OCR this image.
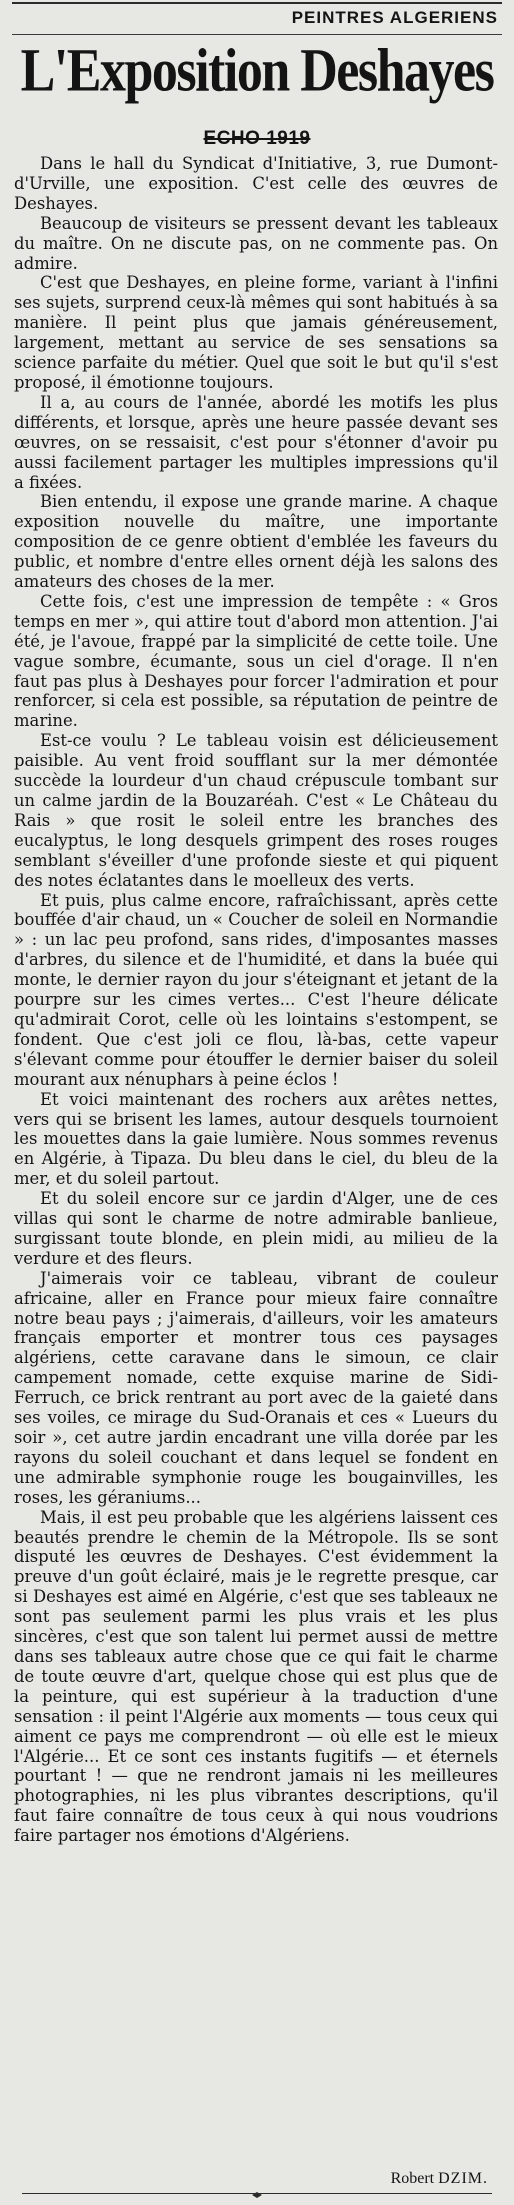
PEINTRES ALGERIENS
L'Exposition Deshayes
ECHO 1919

Dans le hall du Syndicat d'Initiative, 3, rue Dumont-d'Urville, une exposition. C'est celle des œuvres de Deshayes.

Beaucoup de visiteurs se pressent devant les tableaux du maître. On ne discute pas, on ne commente pas. On admire.

C'est que Deshayes, en pleine forme, variant à l'infini ses sujets, surprend ceux-là mêmes qui sont habitués à sa manière. Il peint plus que jamais généreusement, largement, mettant au service de ses sensations sa science parfaite du métier. Quel que soit le but qu'il s'est proposé, il émotionne toujours.

Il a, au cours de l'année, abordé les motifs les plus différents, et lorsque, après une heure passée devant ses œuvres, on se ressaisit, c'est pour s'étonner d'avoir pu aussi facilement partager les multiples impressions qu'il a fixées.

Bien entendu, il expose une grande marine. A chaque exposition nouvelle du maître, une importante composition de ce genre obtient d'emblée les faveurs du public, et nombre d'entre elles ornent déjà les salons des amateurs des choses de la mer.

Cette fois, c'est une impression de tempête : « Gros temps en mer », qui attire tout d'abord mon attention. J'ai été, je l'avoue, frappé par la simplicité de cette toile. Une vague sombre, écumante, sous un ciel d'orage. Il n'en faut pas plus à Deshayes pour forcer l'admiration et pour renforcer, si cela est possible, sa réputation de peintre de marine.

Est-ce voulu ? Le tableau voisin est délicieusement paisible. Au vent froid soufflant sur la mer démontée succède la lourdeur d'un chaud crépuscule tombant sur un calme jardin de la Bouzaréah. C'est « Le Château du Rais » que rosit le soleil entre les branches des eucalyptus, le long desquels grimpent des roses rouges semblant s'éveiller d'une profonde sieste et qui piquent des notes éclatantes dans le moelleux des verts.

Et puis, plus calme encore, rafraîchissant, après cette bouffée d'air chaud, un « Coucher de soleil en Normandie » : un lac peu profond, sans rides, d'imposantes masses d'arbres, du silence et de l'humidité, et dans la buée qui monte, le dernier rayon du jour s'éteignant et jetant de la pourpre sur les cimes vertes... C'est l'heure délicate qu'admirait Corot, celle où les lointains s'estompent, se fondent. Que c'est joli ce flou, là-bas, cette vapeur s'élevant comme pour étouffer le dernier baiser du soleil mourant aux nénuphars à peine éclos !

Et voici maintenant des rochers aux arêtes nettes, vers qui se brisent les lames, autour desquels tournoient les mouettes dans la gaie lumière. Nous sommes revenus en Algérie, à Tipaza. Du bleu dans le ciel, du bleu de la mer, et du soleil partout.

Et du soleil encore sur ce jardin d'Alger, une de ces villas qui sont le charme de notre admirable banlieue, surgissant toute blonde, en plein midi, au milieu de la verdure et des fleurs.

J'aimerais voir ce tableau, vibrant de couleur africaine, aller en France pour mieux faire connaître notre beau pays ; j'aimerais, d'ailleurs, voir les amateurs français emporter et montrer tous ces paysages algériens, cette caravane dans le simoun, ce clair campement nomade, cette exquise marine de Sidi-Ferruch, ce brick rentrant au port avec de la gaieté dans ses voiles, ce mirage du Sud-Oranais et ces « Lueurs du soir », cet autre jardin encadrant une villa dorée par les rayons du soleil couchant et dans lequel se fondent en une admirable symphonie rouge les bougainvilles, les roses, les géraniums...

Mais, il est peu probable que les algériens laissent ces beautés prendre le chemin de la Métropole. Ils se sont disputé les œuvres de Deshayes. C'est évidemment la preuve d'un goût éclairé, mais je le regrette presque, car si Deshayes est aimé en Algérie, c'est que ses tableaux ne sont pas seulement parmi les plus vrais et les plus sincères, c'est que son talent lui permet aussi de mettre dans ses tableaux autre chose que ce qui fait le charme de toute œuvre d'art, quelque chose qui est plus que de la peinture, qui est supérieur à la traduction d'une sensation : il peint l'Algérie aux moments — tous ceux qui aiment ce pays me comprendront — où elle est le mieux l'Algérie... Et ce sont ces instants fugitifs — et éternels pourtant ! — que ne rendront jamais ni les meilleures photographies, ni les plus vibrantes descriptions, qu'il faut faire connaître de tous ceux à qui nous voudrions faire partager nos émotions d'Algériens.

Robert DZIM.
